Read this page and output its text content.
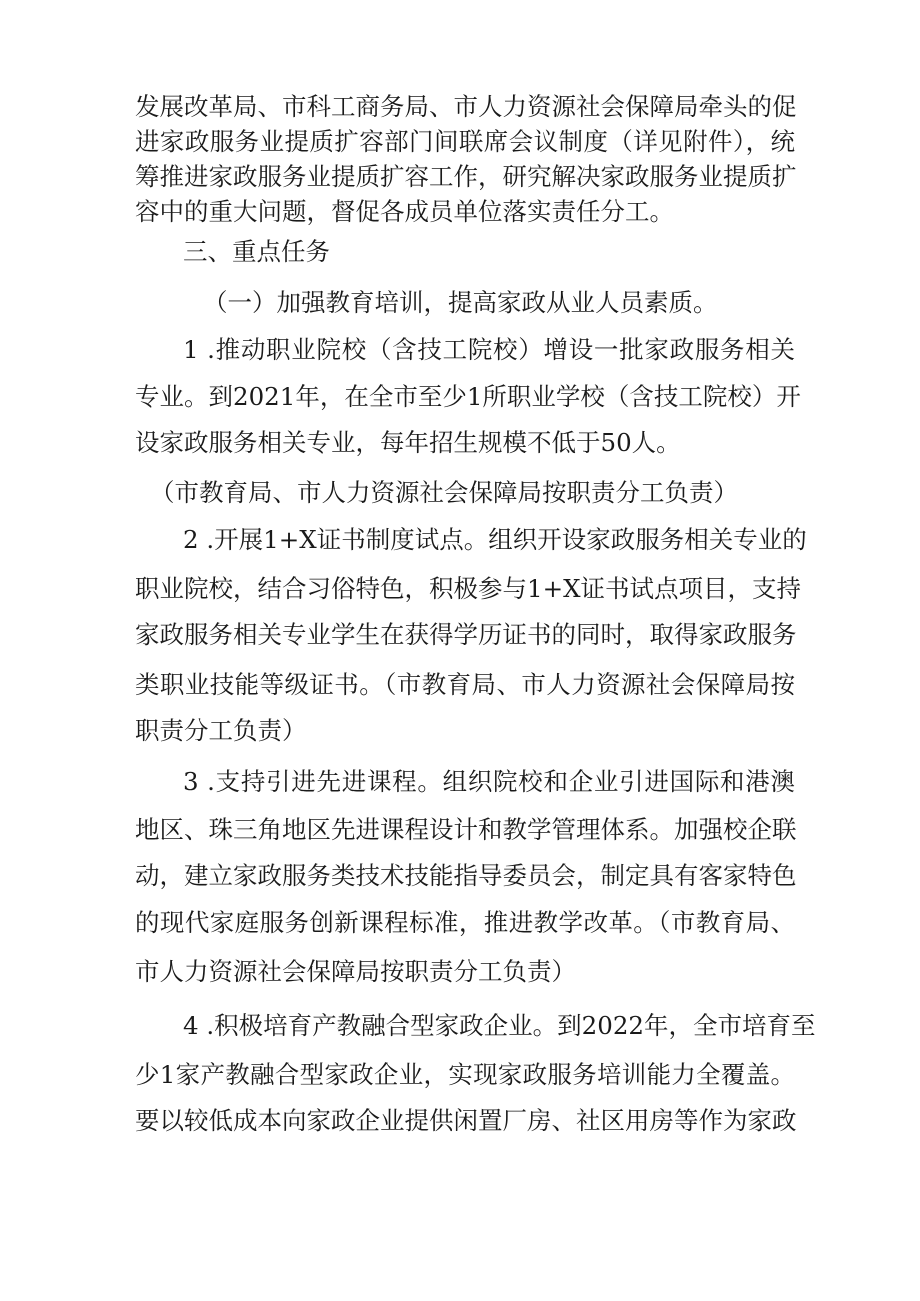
发展改革局、市科工商务局、市人力资源社会保障局牵头的促
进家政服务业提质扩容部门间联席会议制度（详见附件），统
筹推进家政服务业提质扩容工作，研究解决家政服务业提质扩
容中的重大问题，督促各成员单位落实责任分工。
三、重点任务
（一）加强教育培训，提高家政从业人员素质。
1 .推动职业院校（含技工院校）增设一批家政服务相关
专业。到2021年，在全市至少1所职业学校（含技工院校）开
设家政服务相关专业，每年招生规模不低于50人。
（市教育局、市人力资源社会保障局按职责分工负责）
2 .开展1+X证书制度试点。组织开设家政服务相关专业的
职业院校，结合习俗特色，积极参与1+X证书试点项目，支持
家政服务相关专业学生在获得学历证书的同时，取得家政服务
类职业技能等级证书。（市教育局、市人力资源社会保障局按
职责分工负责）
3 .支持引进先进课程。组织院校和企业引进国际和港澳
地区、珠三角地区先进课程设计和教学管理体系。加强校企联
动，建立家政服务类技术技能指导委员会，制定具有客家特色
的现代家庭服务创新课程标准，推进教学改革。（市教育局、
市人力资源社会保障局按职责分工负责）
4 .积极培育产教融合型家政企业。到2022年，全市培育至
少1家产教融合型家政企业，实现家政服务培训能力全覆盖。
要以较低成本向家政企业提供闲置厂房、社区用房等作为家政
